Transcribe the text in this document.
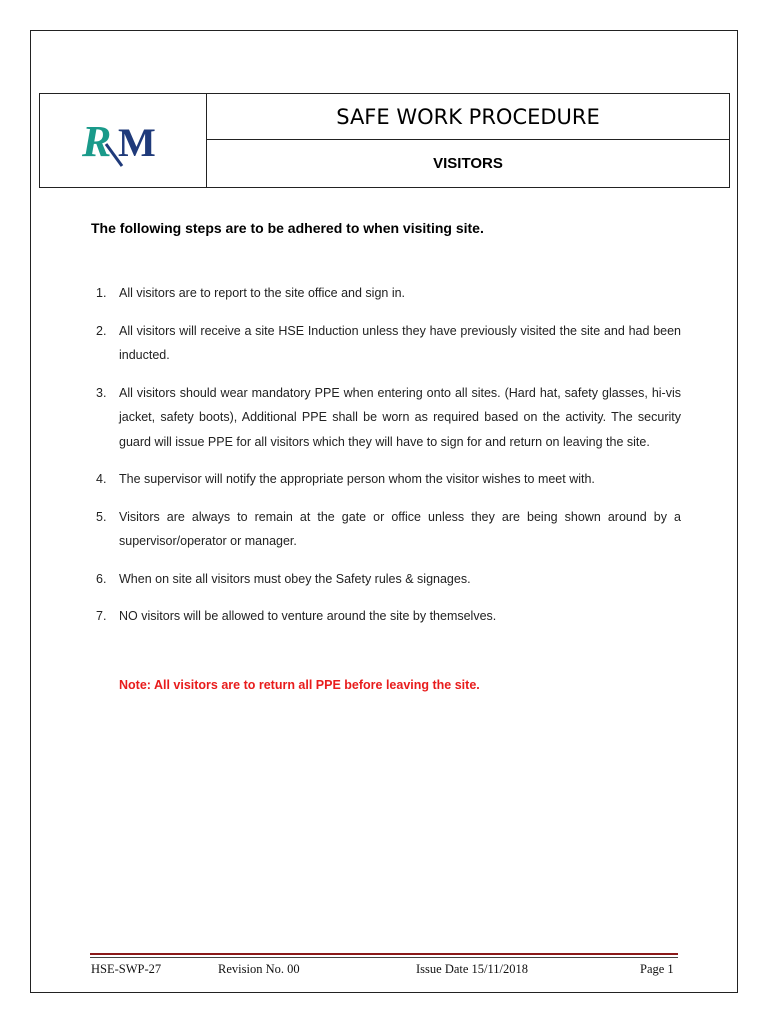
R M
SAFE WORK PROCEDURE
VISITORS
The following steps are to be adhered to when visiting site.
1. All visitors are to report to the site office and sign in.
2. All visitors will receive a site HSE Induction unless they have previously visited the site and had been inducted.
3. All visitors should wear mandatory PPE when entering onto all sites. (Hard hat, safety glasses, hi-vis jacket, safety boots), Additional PPE shall be worn as required based on the activity. The security guard will issue PPE for all visitors which they will have to sign for and return on leaving the site.
4. The supervisor will notify the appropriate person whom the visitor wishes to meet with.
5. Visitors are always to remain at the gate or office unless they are being shown around by a supervisor/operator or manager.
6. When on site all visitors must obey the Safety rules & signages.
7. NO visitors will be allowed to venture around the site by themselves.
Note: All visitors are to return all PPE before leaving the site.
HSE-SWP-27	Revision No. 00	Issue Date 15/11/2018	Page 1
